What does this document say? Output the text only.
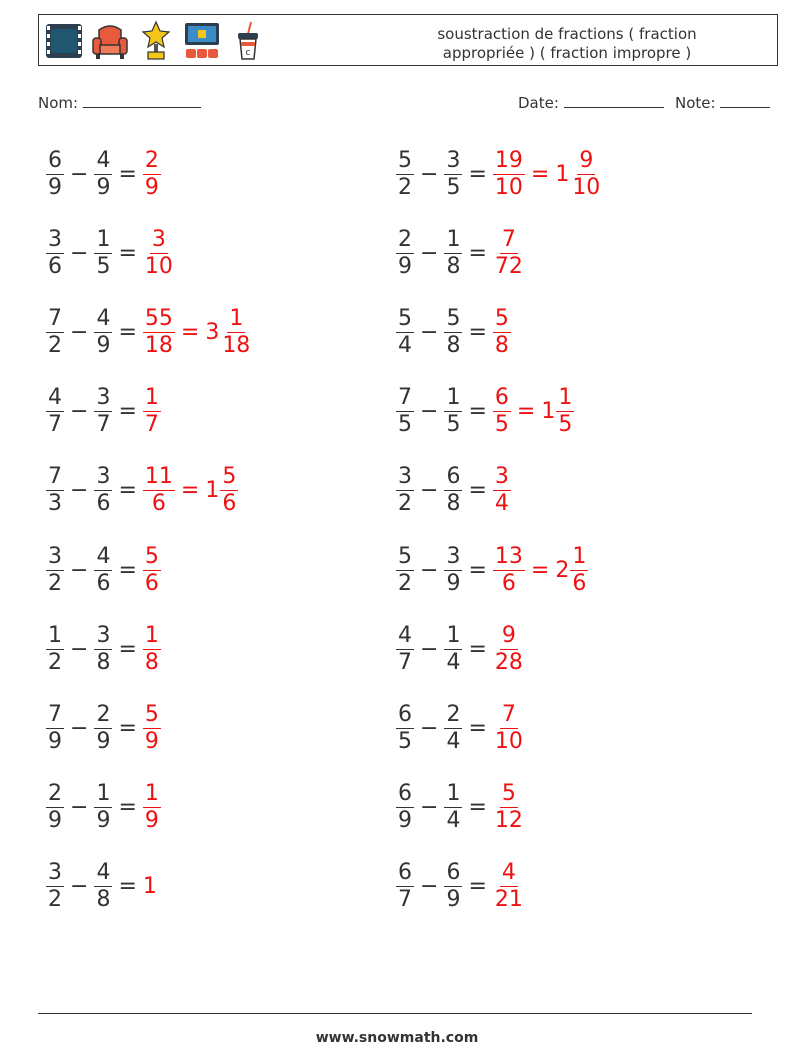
c
soustraction de fractions ( fraction appropriée ) ( fraction impropre )
Nom:	Date:	Note:
$\frac{6}{9} - \frac{4}{9} = \frac{2}{9}$	$\frac{5}{2} - \frac{3}{5} = \frac{19}{10} = 1 \frac{9}{10}$
$\frac{3}{6} - \frac{1}{5} = \frac{3}{10}$	$\frac{2}{9} - \frac{1}{8} = \frac{7}{72}$
$\frac{7}{2} - \frac{4}{9} = \frac{55}{18} = 3 \frac{1}{18}$	$\frac{5}{4} - \frac{5}{8} = \frac{5}{8}$
$\frac{4}{7} - \frac{3}{7} = \frac{1}{7}$	$\frac{7}{5} - \frac{1}{5} = \frac{6}{5} = 1 \frac{1}{5}$
$\frac{7}{3} - \frac{3}{6} = \frac{11}{6} = 1 \frac{5}{6}$	$\frac{3}{2} - \frac{6}{8} = \frac{3}{4}$
$\frac{3}{2} - \frac{4}{6} = \frac{5}{6}$	$\frac{5}{2} - \frac{3}{9} = \frac{13}{6} = 2 \frac{1}{6}$
$\frac{1}{2} - \frac{3}{8} = \frac{1}{8}$	$\frac{4}{7} - \frac{1}{4} = \frac{9}{28}$
$\frac{7}{9} - \frac{2}{9} = \frac{5}{9}$	$\frac{6}{5} - \frac{2}{4} = \frac{7}{10}$
$\frac{2}{9} - \frac{1}{9} = \frac{1}{9}$	$\frac{6}{9} - \frac{1}{4} = \frac{5}{12}$
$\frac{3}{2} - \frac{4}{8} = 1$	$\frac{6}{7} - \frac{6}{9} = \frac{4}{21}$
www.snowmath.com
